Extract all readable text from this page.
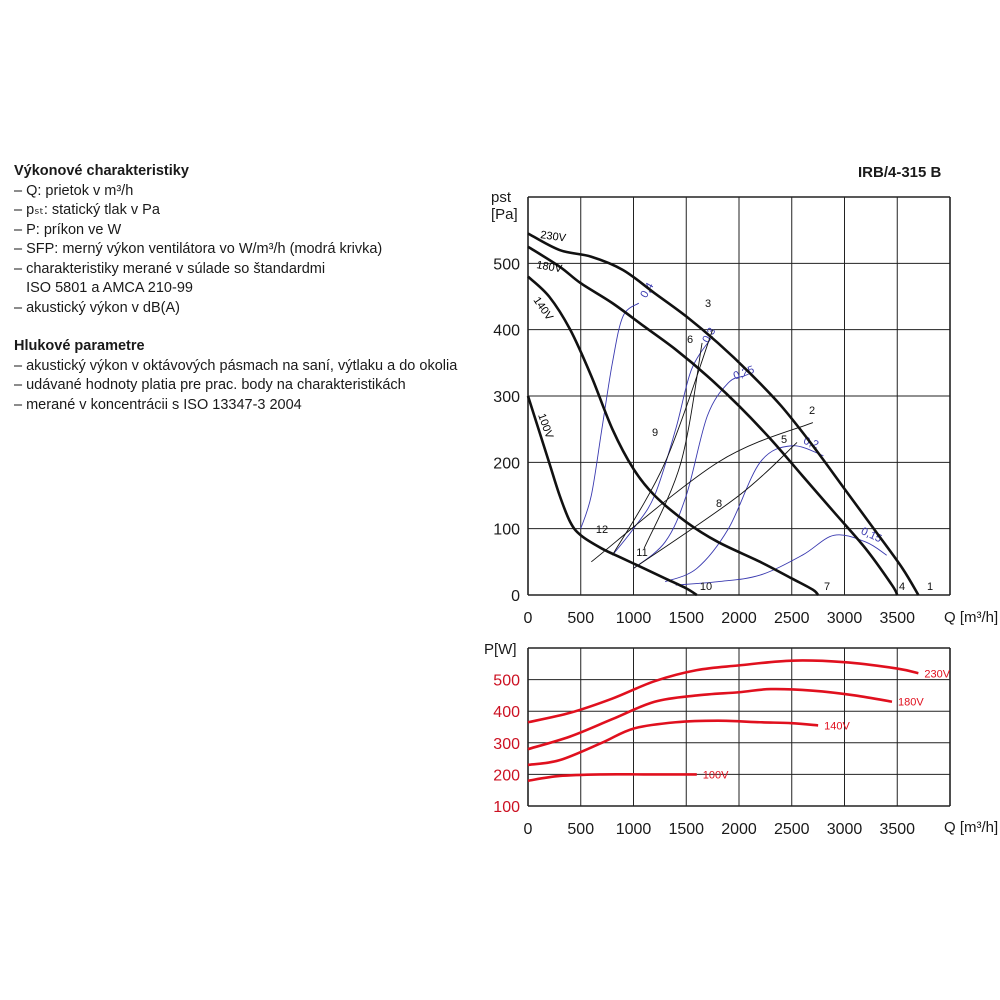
Výkonové charakteristiky
– Q: prietok v m³/h
– pₛₜ: statický tlak v Pa
– P: príkon ve W
– SFP: merný výkon ventilátora vo W/m³/h (modrá krivka)
– charakteristiky merané v súlade so štandardmi
ISO 5801 a AMCA 210-99
– akustický výkon v dB(A)
Hlukové parametre
– akustický výkon v oktávových pásmach na saní, výtlaku a do okolia
– udávané hodnoty platia pre prac. body na charakteristikách
– merané v koncentrácii s ISO 13347-3 2004
IRB/4-315 B
0 500 1000 1500 2000 2500 3000 3500
0
100
200
300
400
500
pst
[Pa]
Q [m³/h]
0,4
0,3
0,25
0,2
0,15
230V
180V
140V
100V
1
2
3
4
5
6
7
8
9
10
11
12
0 500 1000 1500 2000 2500 3000 3500
100
200
300
400
500
P[W]
Q [m³/h]
230V
180V
140V
100V
